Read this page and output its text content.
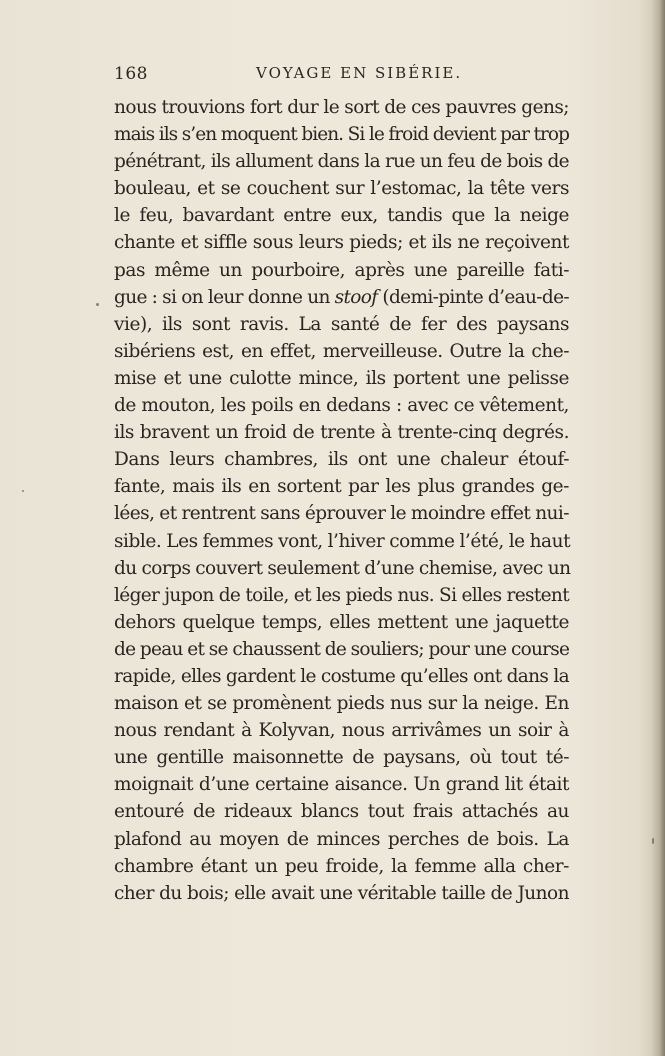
168	VOYAGE EN SIBÉRIE.
nous trouvions fort dur le sort de ces pauvres gens;
mais ils s’en moquent bien. Si le froid devient par trop
pénétrant, ils allument dans la rue un feu de bois de
bouleau, et se couchent sur l’estomac, la tête vers
le feu, bavardant entre eux, tandis que la neige
chante et siffle sous leurs pieds; et ils ne reçoivent
pas même un pourboire, après une pareille fati-
gue : si on leur donne un stoof (demi-pinte d’eau-de-
vie), ils sont ravis. La santé de fer des paysans
sibériens est, en effet, merveilleuse. Outre la che-
mise et une culotte mince, ils portent une pelisse
de mouton, les poils en dedans : avec ce vêtement,
ils bravent un froid de trente à trente-cinq degrés.
Dans leurs chambres, ils ont une chaleur étouf-
fante, mais ils en sortent par les plus grandes ge-
lées, et rentrent sans éprouver le moindre effet nui-
sible. Les femmes vont, l’hiver comme l’été, le haut
du corps couvert seulement d’une chemise, avec un
léger jupon de toile, et les pieds nus. Si elles restent
dehors quelque temps, elles mettent une jaquette
de peau et se chaussent de souliers; pour une course
rapide, elles gardent le costume qu’elles ont dans la
maison et se promènent pieds nus sur la neige. En
nous rendant à Kolyvan, nous arrivâmes un soir à
une gentille maisonnette de paysans, où tout té-
moignait d’une certaine aisance. Un grand lit était
entouré de rideaux blancs tout frais attachés au
plafond au moyen de minces perches de bois. La
chambre étant un peu froide, la femme alla cher-
cher du bois; elle avait une véritable taille de Junon
